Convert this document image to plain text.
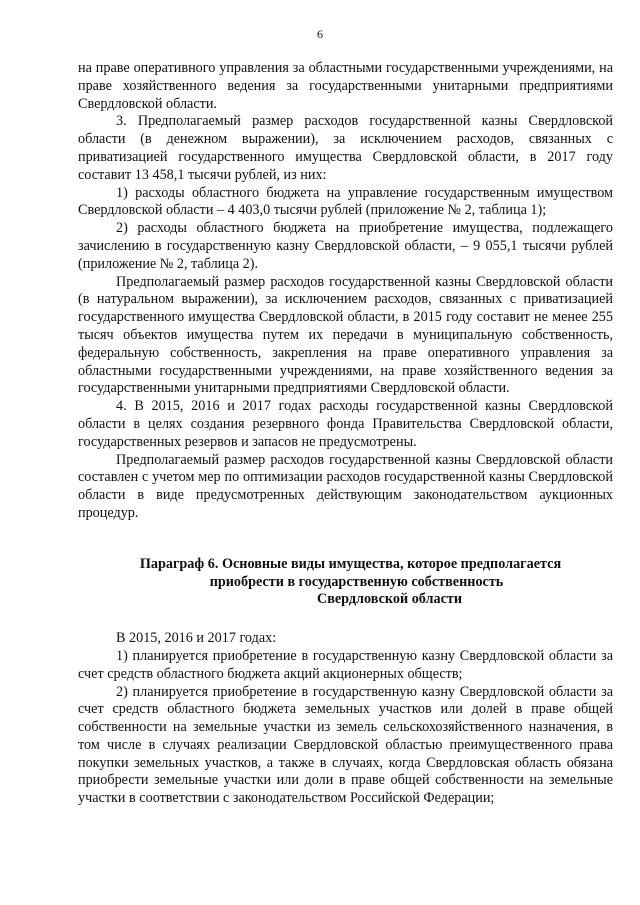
6

на праве оперативного управления за областными государственными учреждениями, на праве хозяйственного ведения за государственными унитарными предприятиями Свердловской области.

3. Предполагаемый размер расходов государственной казны Свердловской области (в денежном выражении), за исключением расходов, связанных с приватизацией государственного имущества Свердловской области, в 2017 году составит 13 458,1 тысячи рублей, из них:

1) расходы областного бюджета на управление государственным имуществом Свердловской области – 4 403,0 тысячи рублей (приложение № 2, таблица 1);

2) расходы областного бюджета на приобретение имущества, подлежащего зачислению в государственную казну Свердловской области, – 9 055,1 тысячи рублей (приложение № 2, таблица 2).

Предполагаемый размер расходов государственной казны Свердловской области (в натуральном выражении), за исключением расходов, связанных с приватизацией государственного имущества Свердловской области, в 2015 году составит не менее 255 тысяч объектов имущества путем их передачи в муниципальную собственность, федеральную собственность, закрепления на праве оперативного управления за областными государственными учреждениями, на праве хозяйственного ведения за государственными унитарными предприятиями Свердловской области.

4. В 2015, 2016 и 2017 годах расходы государственной казны Свердловской области в целях создания резервного фонда Правительства Свердловской области, государственных резервов и запасов не предусмотрены.

Предполагаемый размер расходов государственной казны Свердловской области составлен с учетом мер по оптимизации расходов государственной казны Свердловской области в виде предусмотренных действующим законодательством аукционных процедур.

Параграф 6. Основные виды имущества, которое предполагается
приобрести в государственную собственность
Свердловской области

В 2015, 2016 и 2017 годах:

1) планируется приобретение в государственную казну Свердловской области за счет средств областного бюджета акций акционерных обществ;

2) планируется приобретение в государственную казну Свердловской области за счет средств областного бюджета земельных участков или долей в праве общей собственности на земельные участки из земель сельскохозяйственного назначения, в том числе в случаях реализации Свердловской областью преимущественного права покупки земельных участков, а также в случаях, когда Свердловская область обязана приобрести земельные участки или доли в праве общей собственности на земельные участки в соответствии с законодательством Российской Федерации;
